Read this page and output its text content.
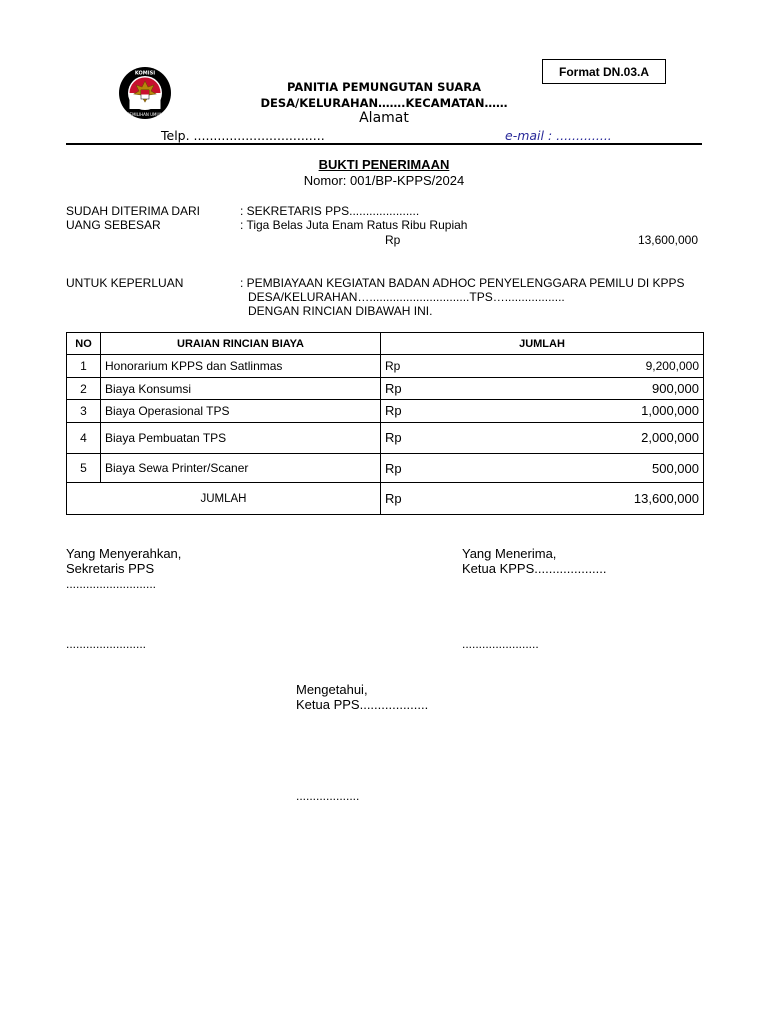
Format DN.03.A
KOMISI
PEMILIHAN UMUM
PANITIA PEMUNGUTAN SUARA
DESA/KELURAHAN…….KECAMATAN……
Alamat
Telp. .................................	e-mail : ..............
BUKTI PENERIMAAN
Nomor: 001/BP-KPPS/2024
SUDAH DITERIMA DARI	: SEKRETARIS PPS.....................
UANG SEBESAR	: Tiga Belas Juta Enam Ratus Ribu Rupiah
Rp	13,600,000
UNTUK KEPERLUAN	: PEMBIAYAAN KEGIATAN BADAN ADHOC PENYELENGGARA PEMILU DI KPPS
DESA/KELURAHAN…..............................TPS…..................
DENGAN RINCIAN DIBAWAH INI.
NO	URAIAN RINCIAN BIAYA	JUMLAH
1	Honorarium KPPS dan Satlinmas	Rp 9,200,000

2	Biaya Konsumsi	Rp 900,000

3	Biaya Operasional TPS	Rp 1,000,000

4	Biaya Pembuatan TPS	Rp 2,000,000

5	Biaya Sewa Printer/Scaner	Rp 500,000

JUMLAH		Rp 13,600,000
Yang Menyerahkan,
Sekretaris PPS
...........................
........................
Yang Menerima,
Ketua KPPS....................
.......................
Mengetahui,
Ketua PPS...................
...................
